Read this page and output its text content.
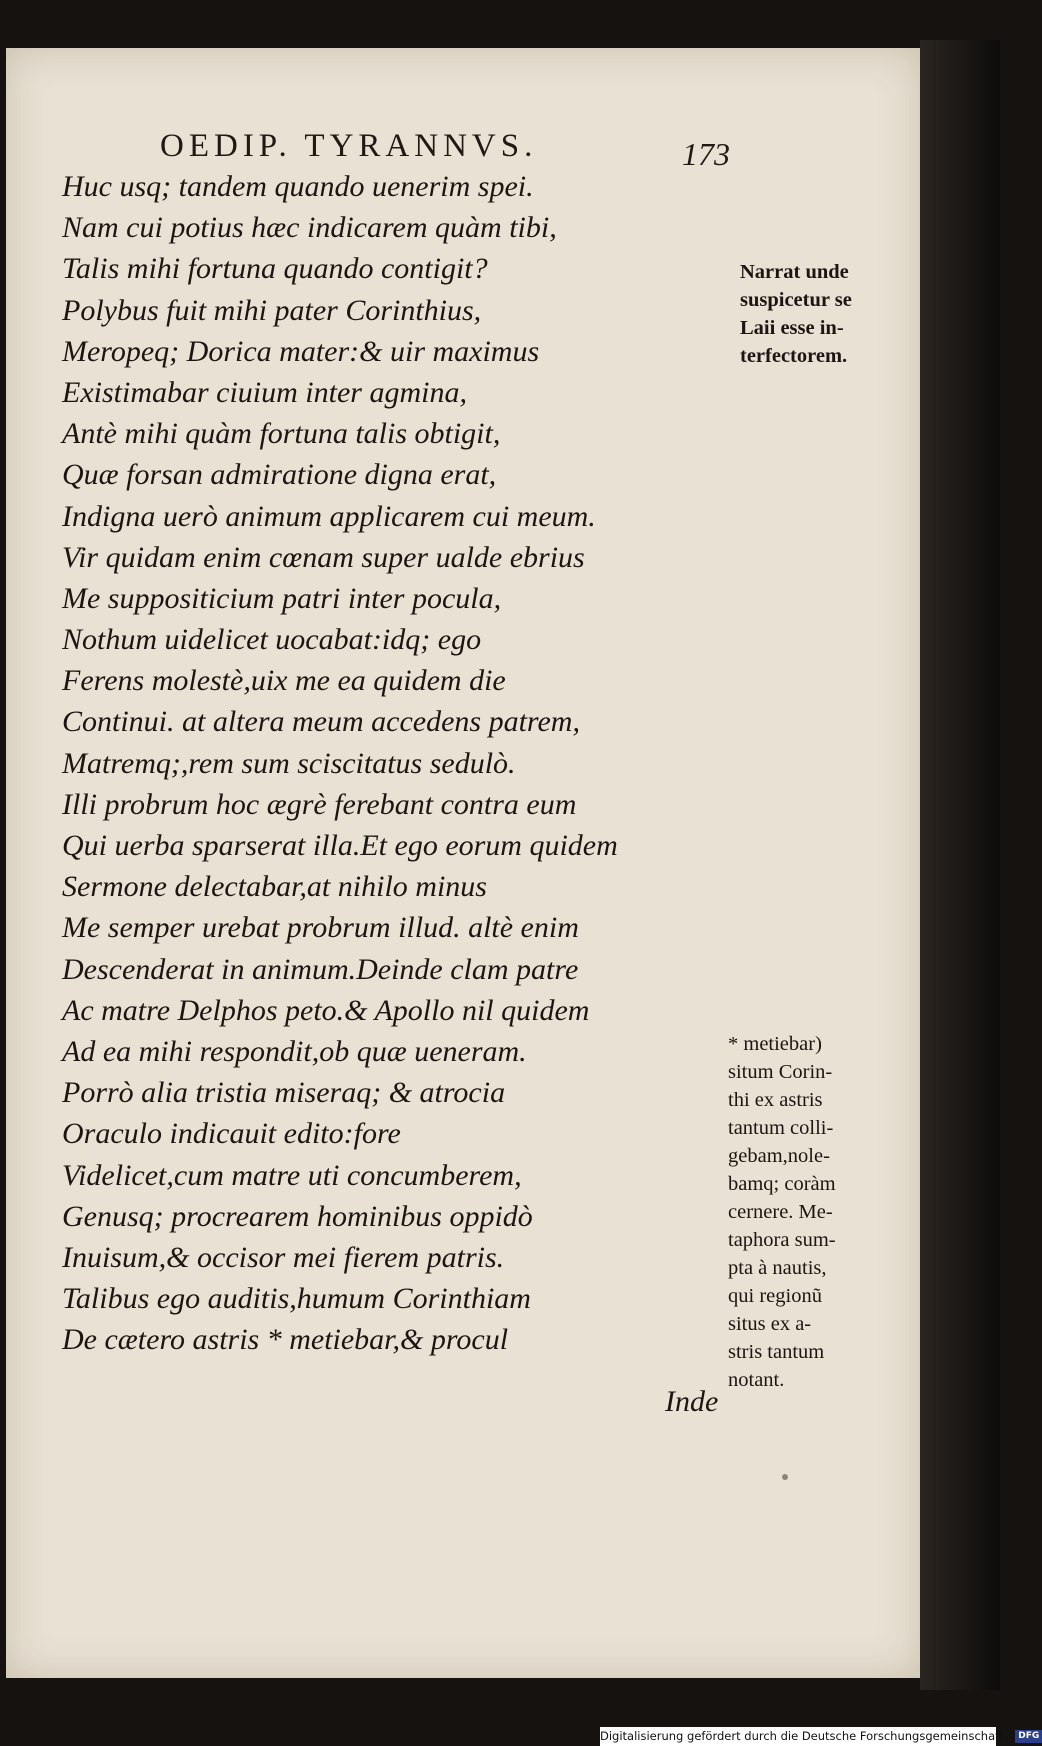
OEDIP. TYRANNVS.	173
Huc usq; tandem quando uenerim spei.
Nam cui potius hæc indicarem quàm tibi,
Talis mihi fortuna quando contigit?
Polybus fuit mihi pater Corinthius,
Meropeq; Dorica mater:& uir maximus
Existimabar ciuium inter agmina,
Antè mihi quàm fortuna talis obtigit,
Quæ forsan admiratione digna erat,
Indigna uerò animum applicarem cui meum.
Vir quidam enim cœnam super ualde ebrius
Me suppositicium patri inter pocula,
Nothum uidelicet uocabat:idq; ego
Ferens molestè,uix me ea quidem die
Continui. at altera meum accedens patrem,
Matremq;,rem sum sciscitatus sedulò.
Illi probrum hoc ægrè ferebant contra eum
Qui uerba sparserat illa.Et ego eorum quidem
Sermone delectabar,at nihilo minus
Me semper urebat probrum illud. altè enim
Descenderat in animum.Deinde clam patre
Ac matre Delphos peto.& Apollo nil quidem
Ad ea mihi respondit,ob quæ ueneram.
Porrò alia tristia miseraq; & atrocia
Oraculo indicauit edito:fore
Videlicet,cum matre uti concumberem,
Genusq; procrearem hominibus oppidò
Inuisum,& occisor mei fierem patris.
Talibus ego auditis,humum Corinthiam
De cætero astris * metiebar,& procul
Narrat unde
suspicetur se
Laii esse in-
terfectorem.
* metiebar)
situm Corin-
thi ex astris
tantum colli-
gebam,nole-
bamq; coràm
cernere. Me-
taphora sum-
pta à nautis,
qui regionũ
situs ex a-
stris tantum
notant.
Inde
Digitalisierung gefördert durch die Deutsche Forschungsgemeinschaft - DFG
